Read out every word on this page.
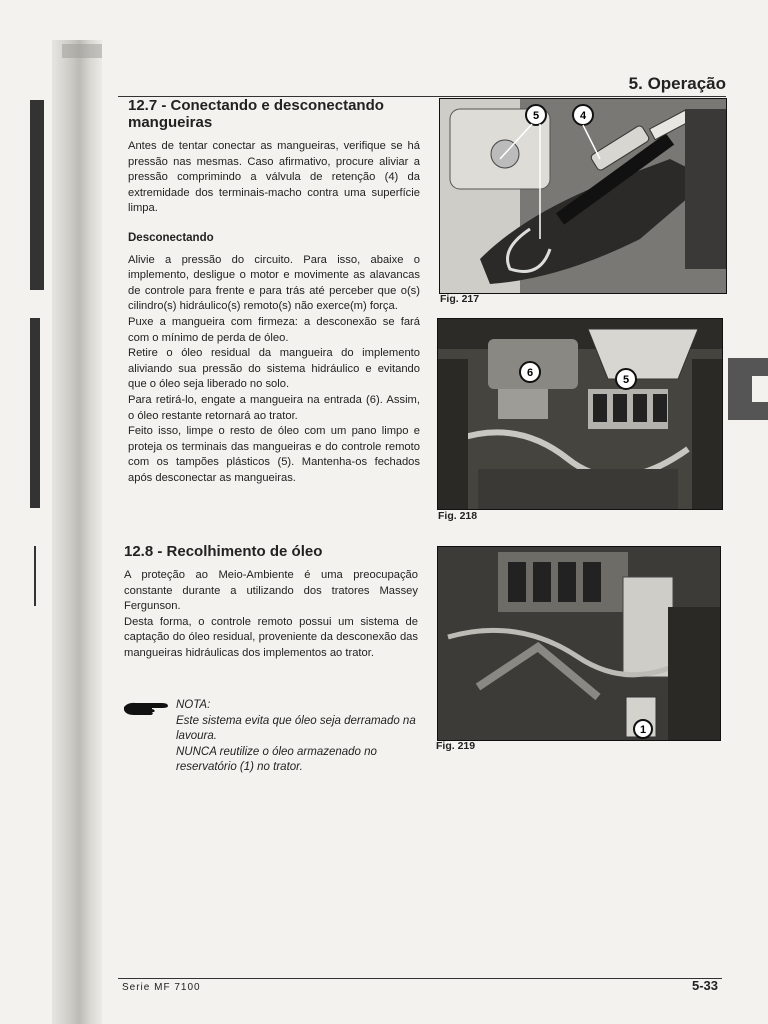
5. Operação
12.7 - Conectando e desconectando mangueiras

Antes de tentar conectar as mangueiras, verifique se há pressão nas mesmas. Caso afirmativo, procure aliviar a pressão comprimindo a válvula de retenção (4) da extremidade dos terminais-macho contra uma superfície limpa.

Desconectando

Alivie a pressão do circuito. Para isso, abaixe o implemento, desligue o motor e movimente as alavancas de controle para frente e para trás até perceber que o(s) cilindro(s) hidráulico(s) remoto(s) não exerce(m) força.

Puxe a mangueira com firmeza: a desconexão se fará com o mínimo de perda de óleo.

Retire o óleo residual da mangueira do implemento aliviando sua pressão do sistema hidráulico e evitando que o óleo seja liberado no solo.

Para retirá-lo, engate a mangueira na entrada (6). Assim, o óleo restante retornará ao trator.

Feito isso, limpe o resto de óleo com um pano limpo e proteja os terminais das mangueiras e do controle remoto com os tampões plásticos (5). Mantenha-os fechados após desconectar as mangueiras.

12.8 - Recolhimento de óleo

A proteção ao Meio-Ambiente é uma preocupação constante durante a utilizando dos tratores Massey Fergunson.

Desta forma, o controle remoto possui um sistema de captação do óleo residual, proveniente da desconexão das mangueiras hidráulicas dos implementos ao trator.

NOTA:
Este sistema evita que óleo seja derramado na lavoura.
NUNCA reutilize o óleo armazenado no reservatório (1) no trator.
5	4
Fig. 217
6
5
Fig. 218
1
Fig. 219
Serie MF 7100	5-33
